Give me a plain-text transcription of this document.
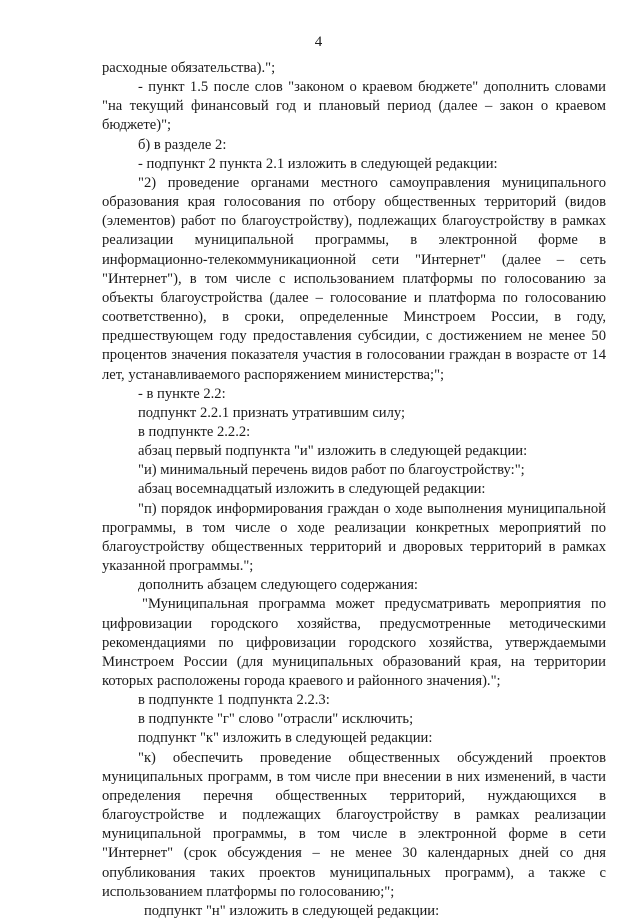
4

расходные обязательства).";

- пункт 1.5 после слов "законом о краевом бюджете" дополнить словами "на текущий финансовый год и плановый период (далее – закон о краевом бюджете)";

б) в разделе 2:

- подпункт 2 пункта 2.1 изложить в следующей редакции:

"2) проведение органами местного самоуправления муниципального образования края голосования по отбору общественных территорий (видов (элементов) работ по благоустройству), подлежащих благоустройству в рамках реализации муниципальной программы, в электронной форме в информационно-телекоммуникационной сети "Интернет" (далее – сеть "Интернет"), в том числе с использованием платформы по голосованию за объекты благоустройства (далее – голосование и платформа по голосованию соответственно), в сроки, определенные Минстроем России, в году, предшествующем году предоставления субсидии, с достижением не менее 50 процентов значения показателя участия в голосовании граждан в возрасте от 14 лет, устанавливаемого распоряжением министерства;";

- в пункте 2.2:

подпункт 2.2.1 признать утратившим силу;

в подпункте 2.2.2:

абзац первый подпункта "и" изложить в следующей редакции:

"и) минимальный перечень видов работ по благоустройству:";

абзац восемнадцатый изложить в следующей редакции:

"п) порядок информирования граждан о ходе выполнения муниципальной программы, в том числе о ходе реализации конкретных мероприятий по благоустройству общественных территорий и дворовых территорий в рамках указанной программы.";

дополнить абзацем следующего содержания:

"Муниципальная программа может предусматривать мероприятия по цифровизации городского хозяйства, предусмотренные методическими рекомендациями по цифровизации городского хозяйства, утверждаемыми Минстроем России (для муниципальных образований края, на территории которых расположены города краевого и районного значения).";

в подпункте 1 подпункта 2.2.3:

в подпункте "г" слово "отрасли" исключить;

подпункт "к" изложить в следующей редакции:

"к) обеспечить проведение общественных обсуждений проектов муниципальных программ, в том числе при внесении в них изменений, в части определения перечня общественных территорий, нуждающихся в благоустройстве и подлежащих благоустройству в рамках реализации муниципальной программы, в том числе в электронной форме в сети "Интернет" (срок обсуждения – не менее 30 календарных дней со дня опубликования таких проектов муниципальных программ), а также с использованием платформы по голосованию;";

подпункт "н" изложить в следующей редакции:
